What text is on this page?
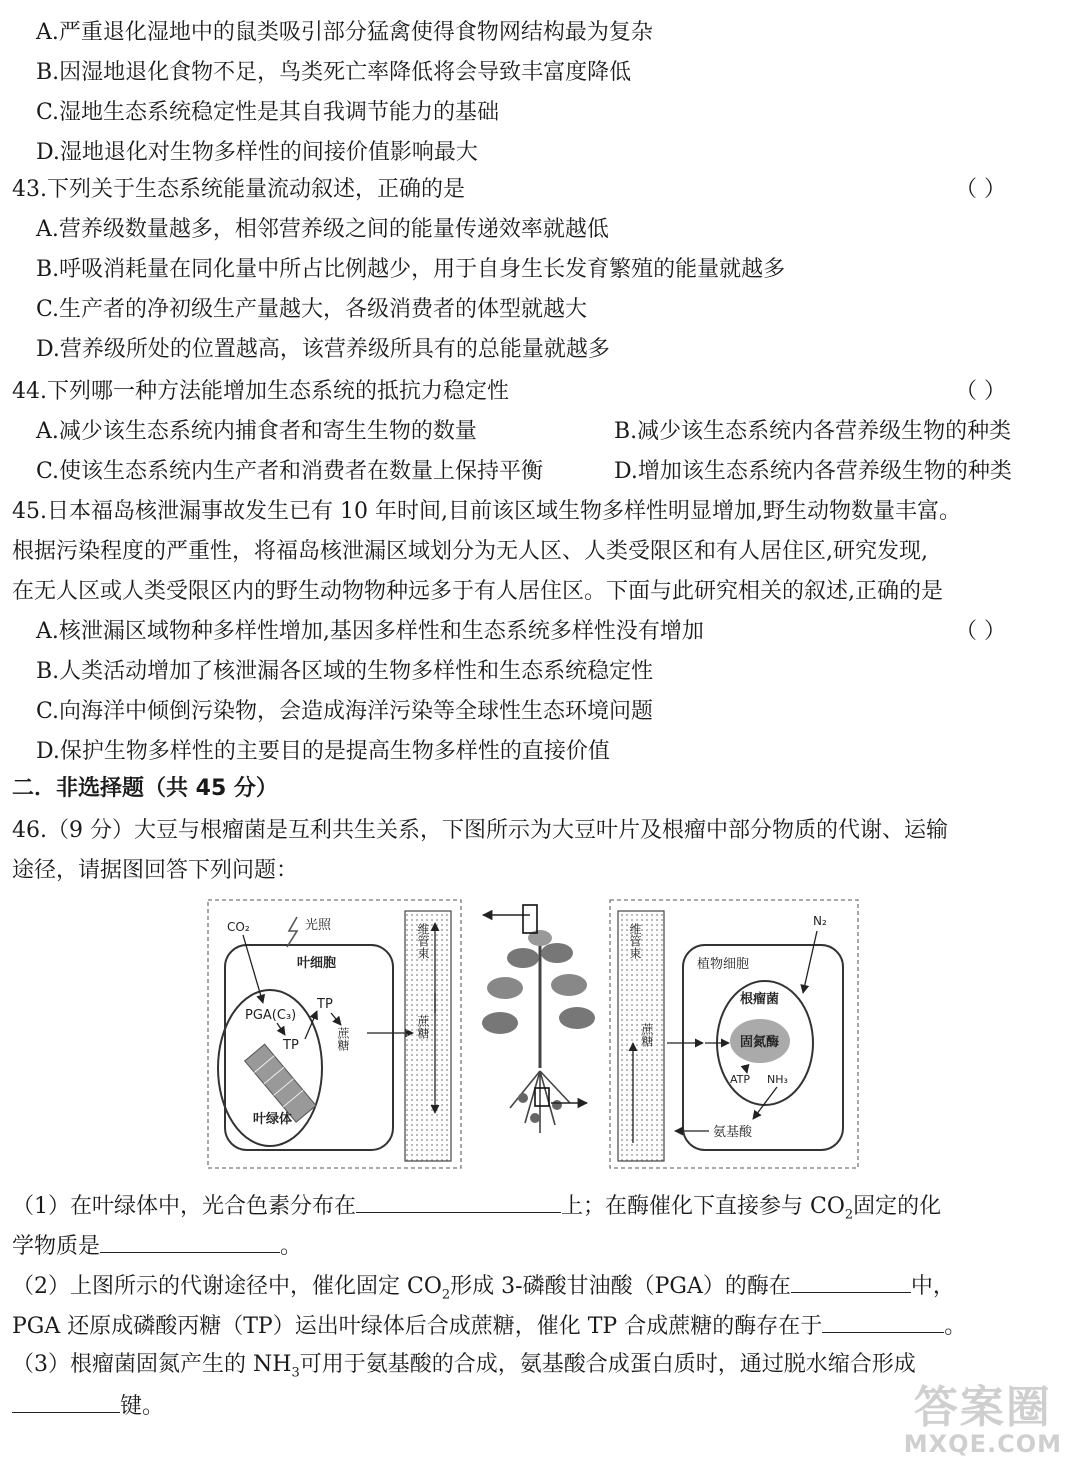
A.严重退化湿地中的鼠类吸引部分猛禽使得食物网结构最为复杂
B.因湿地退化食物不足，鸟类死亡率降低将会导致丰富度降低
C.湿地生态系统稳定性是其自我调节能力的基础
D.湿地退化对生物多样性的间接价值影响最大
43.下列关于生态系统能量流动叙述，正确的是	（ ）
A.营养级数量越多，相邻营养级之间的能量传递效率就越低
B.呼吸消耗量在同化量中所占比例越少，用于自身生长发育繁殖的能量就越多
C.生产者的净初级生产量越大，各级消费者的体型就越大
D.营养级所处的位置越高，该营养级所具有的总能量就越多
44.下列哪一种方法能增加生态系统的抵抗力稳定性	（ ）
A.减少该生态系统内捕食者和寄生生物的数量	B.减少该生态系统内各营养级生物的种类
C.使该生态系统内生产者和消费者在数量上保持平衡	D.增加该生态系统内各营养级生物的种类
45.日本福岛核泄漏事故发生已有 10 年时间,目前该区域生物多样性明显增加,野生动物数量丰富。
根据污染程度的严重性，将福岛核泄漏区域划分为无人区、人类受限区和有人居住区,研究发现,
在无人区或人类受限区内的野生动物物种远多于有人居住区。下面与此研究相关的叙述,正确的是
A.核泄漏区域物种多样性增加,基因多样性和生态系统多样性没有增加	（ ）
B.人类活动增加了核泄漏各区域的生物多样性和生态系统稳定性
C.向海洋中倾倒污染物，会造成海洋污染等全球性生态环境问题
D.保护生物多样性的主要目的是提高生物多样性的直接价值
二．非选择题（共 45 分）
46.（9 分）大豆与根瘤菌是互利共生关系，下图所示为大豆叶片及根瘤中部分物质的代谢、运输
途径，请据图回答下列问题：
CO₂	光照
叶细胞
PGA(C₃)
TP
TP
叶绿体
蔗糖
维管束
蔗糖
维管束
蔗糖
植物细胞
N₂
根瘤菌
固氮酶
ATP NH₃
氨基酸
（1）在叶绿体中，光合色素分布在	上；在酶催化下直接参与 $CO_2$固定的化
学物质是	。
（2）上图所示的代谢途径中，催化固定 $CO_2$形成 3-磷酸甘油酸（PGA）的酶在	中，
PGA 还原成磷酸丙糖（TP）运出叶绿体后合成蔗糖，催化 TP 合成蔗糖的酶存在于	。
（3）根瘤菌固氮产生的 $NH_3$可用于氨基酸的合成，氨基酸合成蛋白质时，通过脱水缩合形成
键。	答案圈
MXQE.COM
